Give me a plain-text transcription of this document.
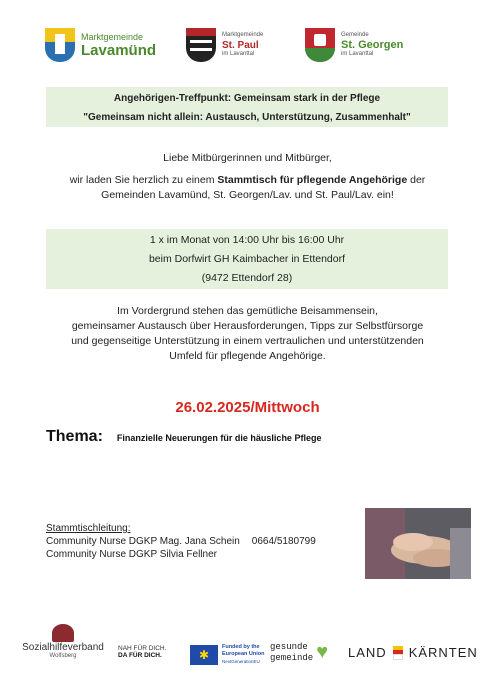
Marktgemeinde
Lavamünd
Marktgemeinde
St. Paul
im Lavanttal
Gemeinde
St. Georgen
im Lavanttal
Angehörigen-Treffpunkt: Gemeinsam stark in der Pflege
"Gemeinsam nicht allein: Austausch, Unterstützung, Zusammenhalt"
Liebe Mitbürgerinnen und Mitbürger,
wir laden Sie herzlich zu einem Stammtisch für pflegende Angehörige der
Gemeinden Lavamünd, St. Georgen/Lav. und St. Paul/Lav. ein!
1 x im Monat von 14:00 Uhr bis 16:00 Uhr
beim Dorfwirt GH Kaimbacher in Ettendorf
(9472 Ettendorf 28)
Im Vordergrund stehen das gemütliche Beisammensein,
gemeinsamer Austausch über Herausforderungen, Tipps zur Selbstfürsorge
und gegenseitige Unterstützung in einem vertraulichen und unterstützenden
Umfeld für pflegende Angehörige.
26.02.2025/Mittwoch
Thema: Finanzielle Neuerungen für die häusliche Pflege
Stammtischleitung:
Community Nurse DGKP Mag. Jana Schein 0664/5180799
Community Nurse DGKP Silvia Fellner
Sozialhilfeverband
Wolfsberg
NAH FÜR DICH.
DA FÜR DICH.	✱
Funded by the
European Union
NextGenerationEU
gesunde
gemeinde ♥ LAND KÄRNTEN
